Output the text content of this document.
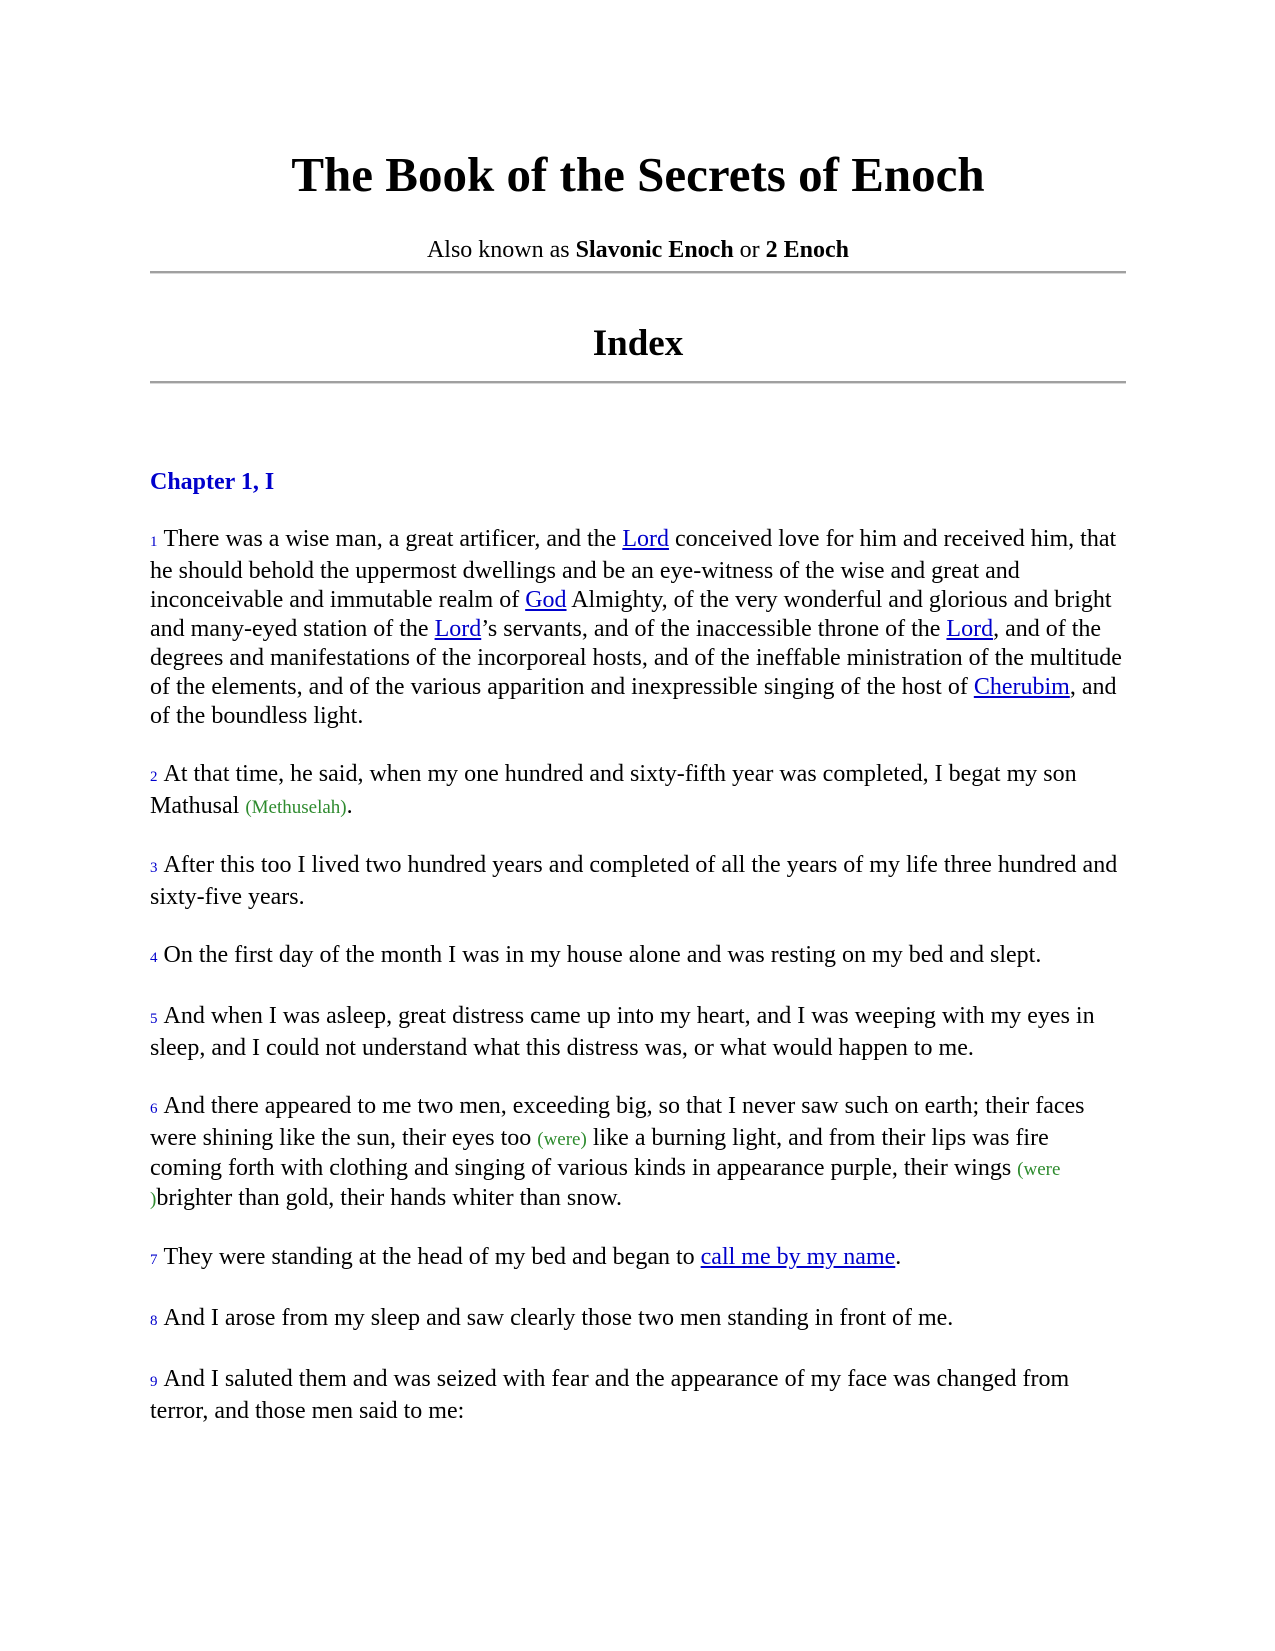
The Book of the Secrets of Enoch
Also known as Slavonic Enoch or 2 Enoch
Index
Chapter 1, I

1 There was a wise man, a great artificer, and the Lord conceived love for him and received him, that he should behold the uppermost dwellings and be an eye-witness of the wise and great and inconceivable and immutable realm of God Almighty, of the very wonderful and glorious and bright and many-eyed station of the Lord’s servants, and of the inaccessible throne of the Lord, and of the degrees and manifestations of the incorporeal hosts, and of the ineffable ministration of the multitude of the elements, and of the various apparition and inexpressible singing of the host of Cherubim, and of the boundless light.

2 At that time, he said, when my one hundred and sixty-fifth year was completed, I begat my son Mathusal (Methuselah).

3 After this too I lived two hundred years and completed of all the years of my life three hundred and sixty-five years.

4 On the first day of the month I was in my house alone and was resting on my bed and slept.

5 And when I was asleep, great distress came up into my heart, and I was weeping with my eyes in sleep, and I could not understand what this distress was, or what would happen to me.

6 And there appeared to me two men, exceeding big, so that I never saw such on earth; their faces were shining like the sun, their eyes too (were) like a burning light, and from their lips was fire coming forth with clothing and singing of various kinds in appearance purple, their wings (were )brighter than gold, their hands whiter than snow.

7 They were standing at the head of my bed and began to call me by my name.

8 And I arose from my sleep and saw clearly those two men standing in front of me.

9 And I saluted them and was seized with fear and the appearance of my face was changed from terror, and those men said to me:
